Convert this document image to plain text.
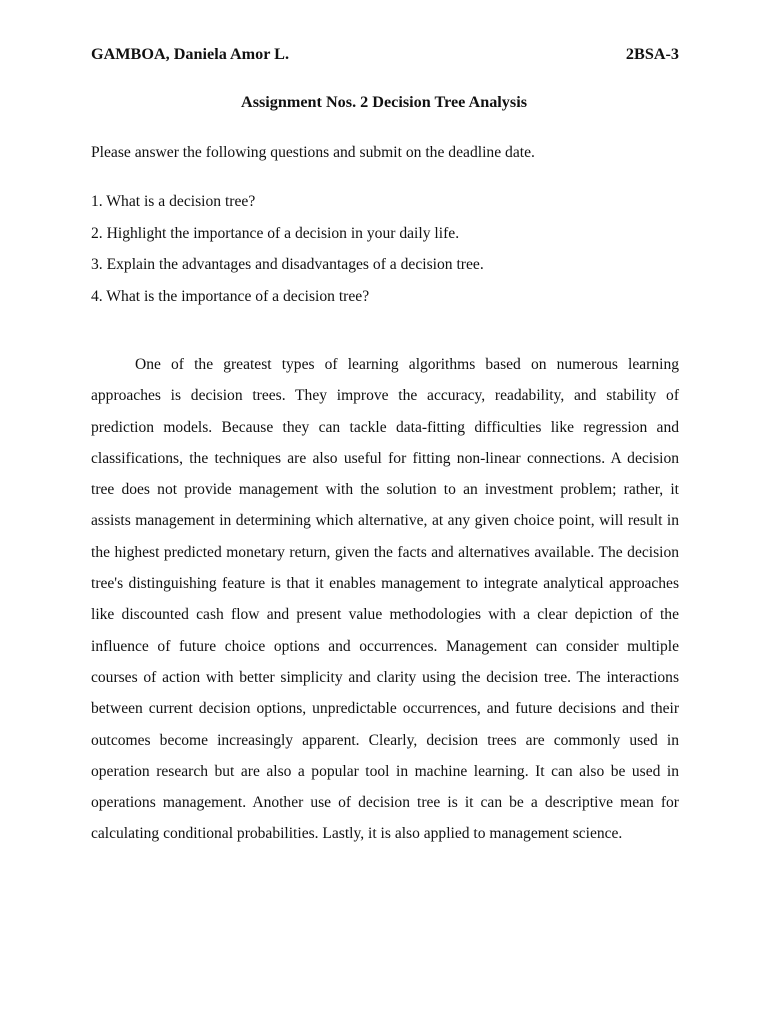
GAMBOA, Daniela Amor L.	2BSA-3
Assignment Nos. 2 Decision Tree Analysis
Please answer the following questions and submit on the deadline date.
1. What is a decision tree?
2. Highlight the importance of a decision in your daily life.
3. Explain the advantages and disadvantages of a decision tree.
4. What is the importance of a decision tree?

One of the greatest types of learning algorithms based on numerous learning approaches is decision trees. They improve the accuracy, readability, and stability of prediction models. Because they can tackle data-fitting difficulties like regression and classifications, the techniques are also useful for fitting non-linear connections. A decision tree does not provide management with the solution to an investment problem; rather, it assists management in determining which alternative, at any given choice point, will result in the highest predicted monetary return, given the facts and alternatives available. The decision tree's distinguishing feature is that it enables management to integrate analytical approaches like discounted cash flow and present value methodologies with a clear depiction of the influence of future choice options and occurrences. Management can consider multiple courses of action with better simplicity and clarity using the decision tree. The interactions between current decision options, unpredictable occurrences, and future decisions and their outcomes become increasingly apparent. Clearly, decision trees are commonly used in operation research but are also a popular tool in machine learning. It can also be used in operations management. Another use of decision tree is it can be a descriptive mean for calculating conditional probabilities. Lastly, it is also applied to management science.
